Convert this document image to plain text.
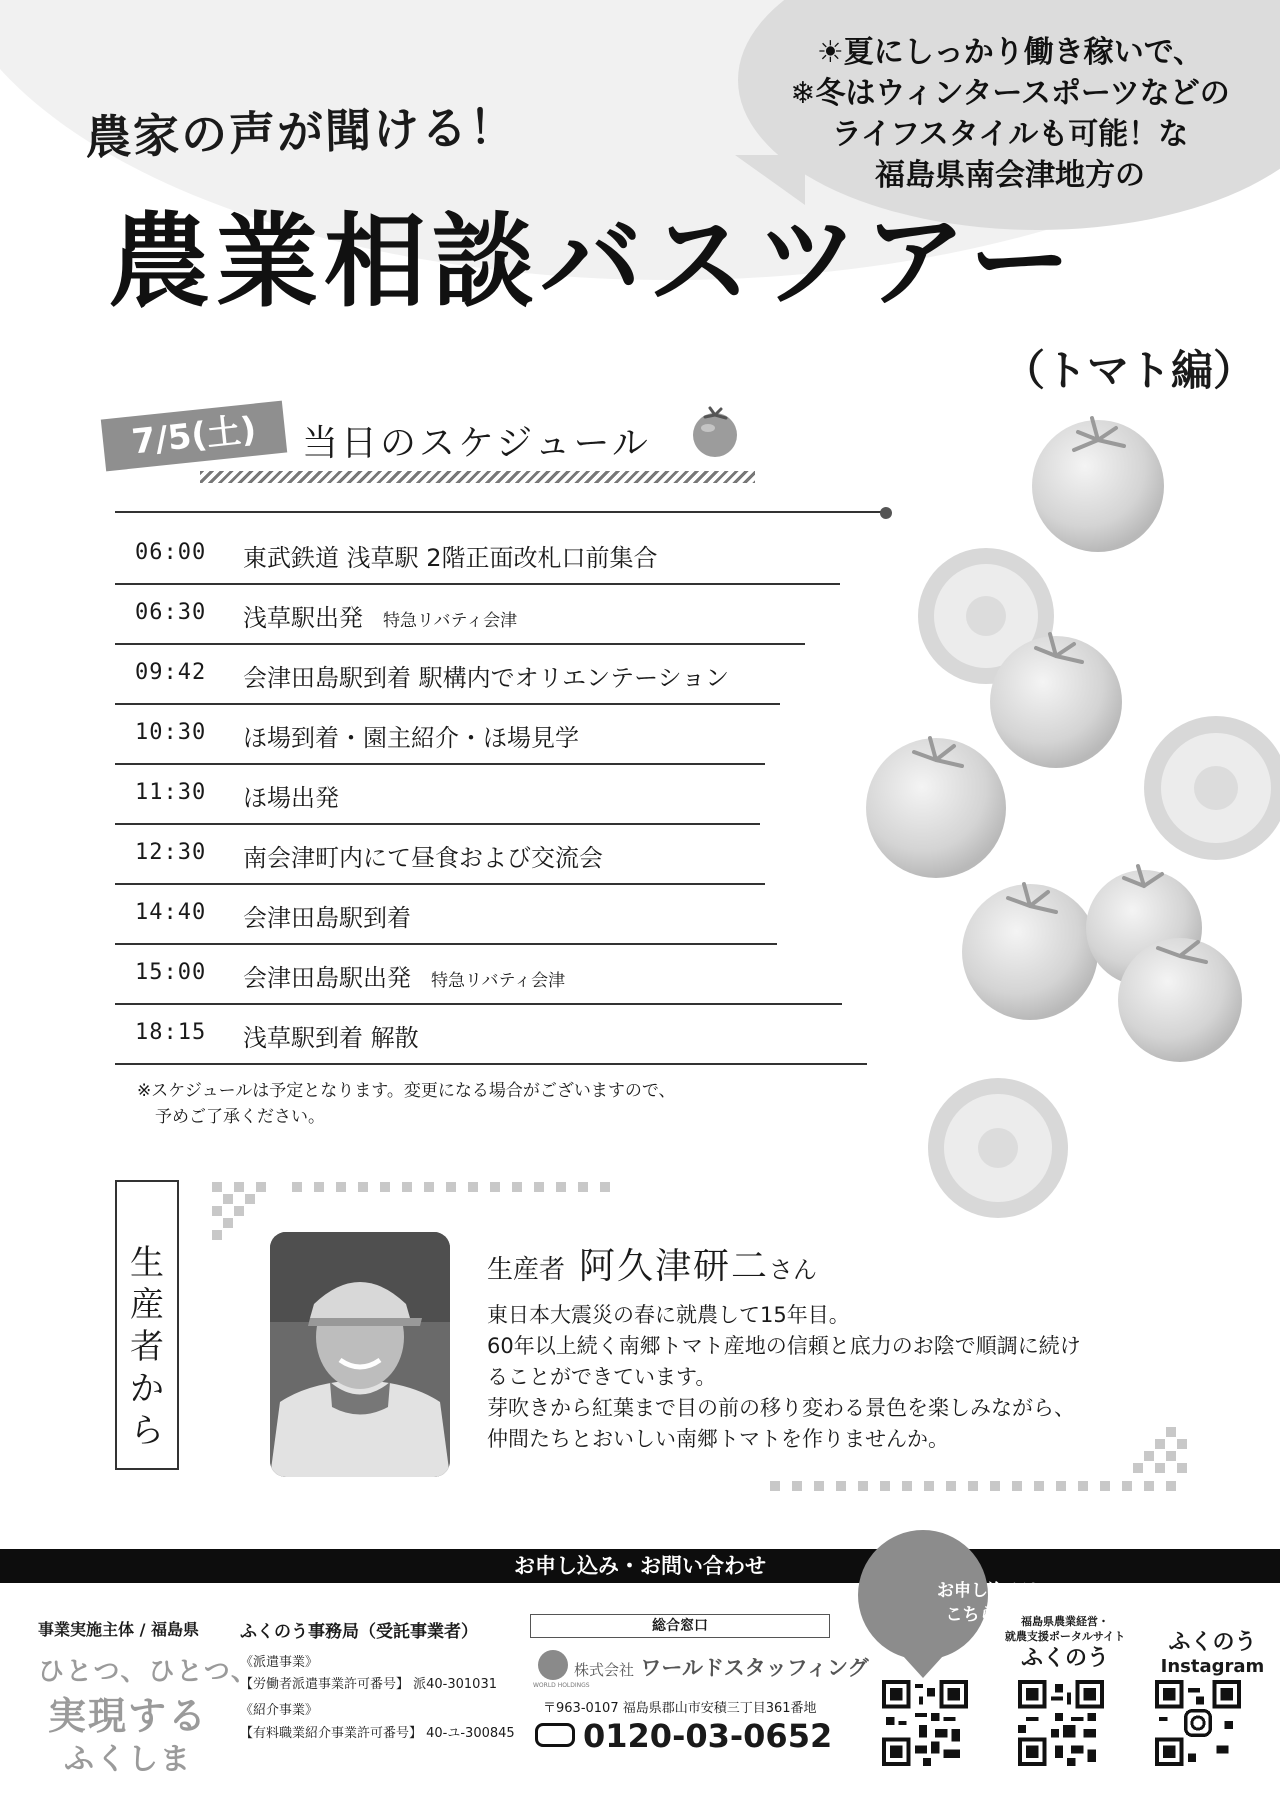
☀夏にしっかり働き稼いで、
❄冬はウィンタースポーツなどの
ライフスタイルも可能！な
福島県南会津地方の
農家の声が聞ける！
農業相談バスツアー
（トマト編）
7/5(土)	当日のスケジュール
06:00 東武鉄道 浅草駅 2階正面改札口前集合
06:30 浅草駅出発 特急リバティ会津
09:42 会津田島駅到着 駅構内でオリエンテーション
10:30 ほ場到着・園主紹介・ほ場見学
11:30 ほ場出発
12:30 南会津町内にて昼食および交流会
14:40 会津田島駅到着
15:00 会津田島駅出発 特急リバティ会津
18:15 浅草駅到着 解散
※スケジュールは予定となります。変更になる場合がございますので、
予めご了承ください。
生
産
者
か
ら
生産者 阿久津研二さん
東日本大震災の春に就農して15年目。
60年以上続く南郷トマト産地の信頼と底力のお陰で順調に続け
ることができています。
芽吹きから紅葉まで目の前の移り変わる景色を楽しみながら、
仲間たちとおいしい南郷トマトを作りませんか。
お申し込み・お問い合わせ
お申し込みは
こちらから
事業実施主体 / 福島県
ひとつ、ひとつ、
実現する
ふくしま
ふくのう事務局（受託事業者）
《派遣事業》
【労働者派遣事業許可番号】 派40-301031
《紹介事業》
【有料職業紹介事業許可番号】 40-ユ-300845
総合窓口
WORLD HOLDINGS
株式会社 ワールドスタッフィング
〒963-0107 福島県郡山市安積三丁目361番地
0120-03-0652
福島県農業経営・
就農支援ポータルサイト
ふくのう
ふくのう
Instagram
